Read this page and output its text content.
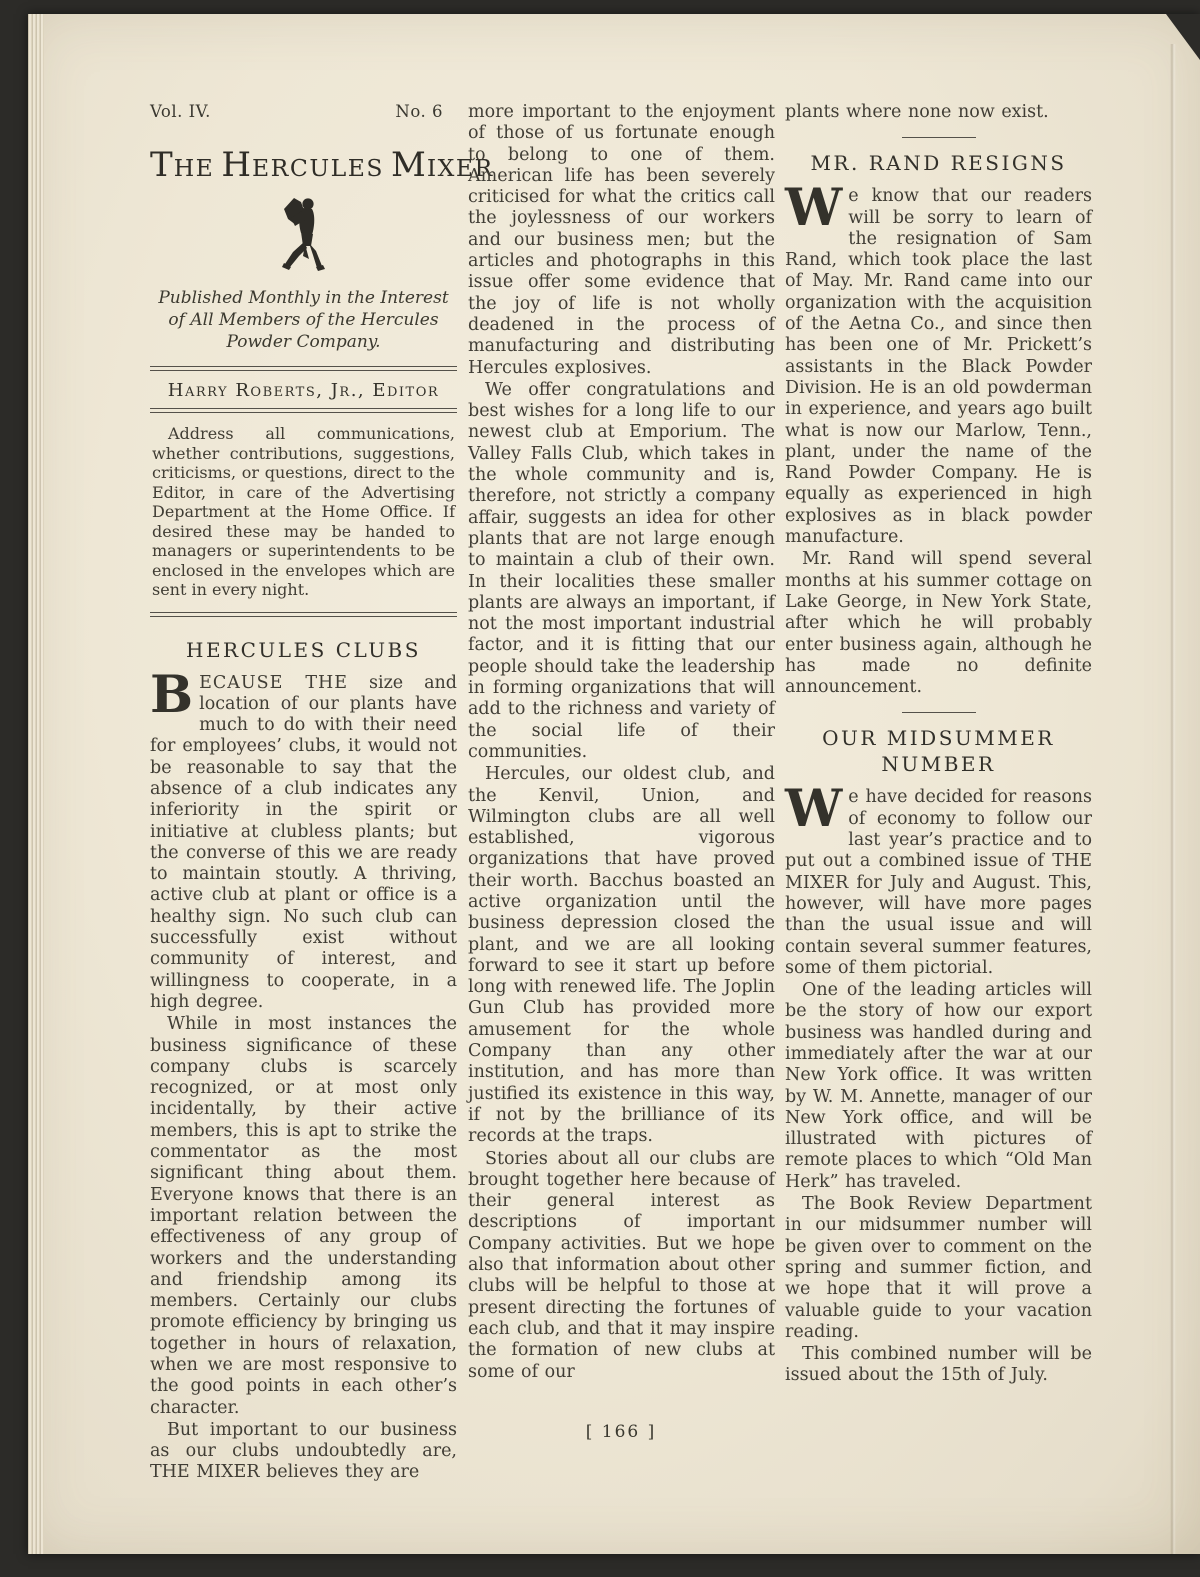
Vol. IV.	No. 6
THE HERCULES MIXER

Published Monthly in the Interest of All Members of the Hercules Powder Company.

Harry Roberts, Jr., Editor

Address all communications, whether contributions, suggestions, criticisms, or questions, direct to the Editor, in care of the Advertising Department at the Home Office. If desired these may be handed to managers or superintendents to be enclosed in the envelopes which are sent in every night.

HERCULES CLUBS

BECAUSE THE size and location of our plants have much to do with their need for employees’ clubs, it would not be reasonable to say that the absence of a club indicates any inferiority in the spirit or initiative at clubless plants; but the converse of this we are ready to maintain stoutly. A thriving, active club at plant or office is a healthy sign. No such club can successfully exist without community of interest, and willingness to cooperate, in a high degree.

While in most instances the business significance of these company clubs is scarcely recognized, or at most only incidentally, by their active members, this is apt to strike the commentator as the most significant thing about them. Everyone knows that there is an important relation between the effectiveness of any group of workers and the understanding and friendship among its members. Certainly our clubs promote efficiency by bringing us together in hours of relaxation, when we are most responsive to the good points in each other’s character.

But important to our business as our clubs undoubtedly are, THE MIXER believes they are

more important to the enjoyment of those of us fortunate enough to belong to one of them. American life has been severely criticised for what the critics call the joylessness of our workers and our business men; but the articles and photographs in this issue offer some evidence that the joy of life is not wholly deadened in the process of manufacturing and distributing Hercules explosives.

We offer congratulations and best wishes for a long life to our newest club at Emporium. The Valley Falls Club, which takes in the whole community and is, therefore, not strictly a company affair, suggests an idea for other plants that are not large enough to maintain a club of their own. In their localities these smaller plants are always an important, if not the most important industrial factor, and it is fitting that our people should take the leadership in forming organizations that will add to the richness and variety of the social life of their communities.

Hercules, our oldest club, and the Kenvil, Union, and Wilmington clubs are all well established, vigorous organizations that have proved their worth. Bacchus boasted an active organization until the business depression closed the plant, and we are all looking forward to see it start up before long with renewed life. The Joplin Gun Club has provided more amusement for the whole Company than any other institution, and has more than justified its existence in this way, if not by the brilliance of its records at the traps.

Stories about all our clubs are brought together here because of their general interest as descriptions of important Company activities. But we hope also that information about other clubs will be helpful to those at present directing the fortunes of each club, and that it may inspire the formation of new clubs at some of our

plants where none now exist.

MR. RAND RESIGNS

We know that our readers will be sorry to learn of the resignation of Sam Rand, which took place the last of May. Mr. Rand came into our organization with the acquisition of the Aetna Co., and since then has been one of Mr. Prickett’s assistants in the Black Powder Division. He is an old powderman in experience, and years ago built what is now our Marlow, Tenn., plant, under the name of the Rand Powder Company. He is equally as experienced in high explosives as in black powder manufacture.

Mr. Rand will spend several months at his summer cottage on Lake George, in New York State, after which he will probably enter business again, although he has made no definite announcement.

OUR MIDSUMMER NUMBER

We have decided for reasons of economy to follow our last year’s practice and to put out a combined issue of THE MIXER for July and August. This, however, will have more pages than the usual issue and will contain several summer features, some of them pictorial.

One of the leading articles will be the story of how our export business was handled during and immediately after the war at our New York office. It was written by W. M. Annette, manager of our New York office, and will be illustrated with pictures of remote places to which “Old Man Herk” has traveled.

The Book Review Department in our midsummer number will be given over to comment on the spring and summer fiction, and we hope that it will prove a valuable guide to your vacation reading.

This combined number will be issued about the 15th of July.

[ 166 ]
